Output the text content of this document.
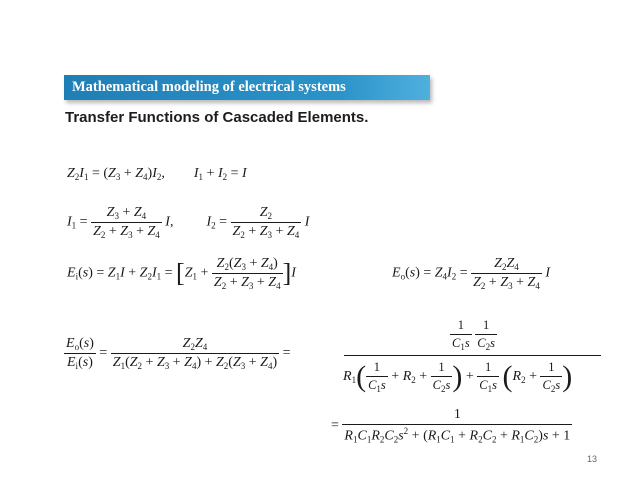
Mathematical modeling of electrical systems
Transfer Functions of Cascaded Elements.
$Z_2I_1 = (Z_3 + Z_4)I_2$,  $I_1 + I_2 = I$
$I_1 = \frac{Z_3 + Z_4}{Z_2 + Z_3 + Z_4} I$,  $I_2 = \frac{Z_2}{Z_2 + Z_3 + Z_4}$ I
$E_i(s) = Z_1I + Z_2I_1 = [Z_1 + \frac{Z_2(Z_3 + Z_4)}{Z_2 + Z_3 + Z_4} ]I$	$E_o(s) = Z_4I_2 = \frac{Z_2Z_4}{Z_2 + Z_3 + Z_4}$ I
$\frac{E_o(s)}{E_i(s)} = \frac{Z_2Z_4}{Z_1(Z_2 + Z_3 + Z_4) + Z_2(Z_3 + Z_4)}$ =
$\frac{1}{C_1s}$
$\frac{1}{C_2s}$
$R_1( \frac{1}{C_1s} + R_2 + \frac{1}{C_2s}$ ) + $\frac{1}{C_1s} (R_2 + \frac{1}{C_2s}$ )
= $\frac{1}{R_1C_1R_2C_2s^2 + (R_1C_1 + R_2C_2 + R_1C_2)s + 1}$
13
